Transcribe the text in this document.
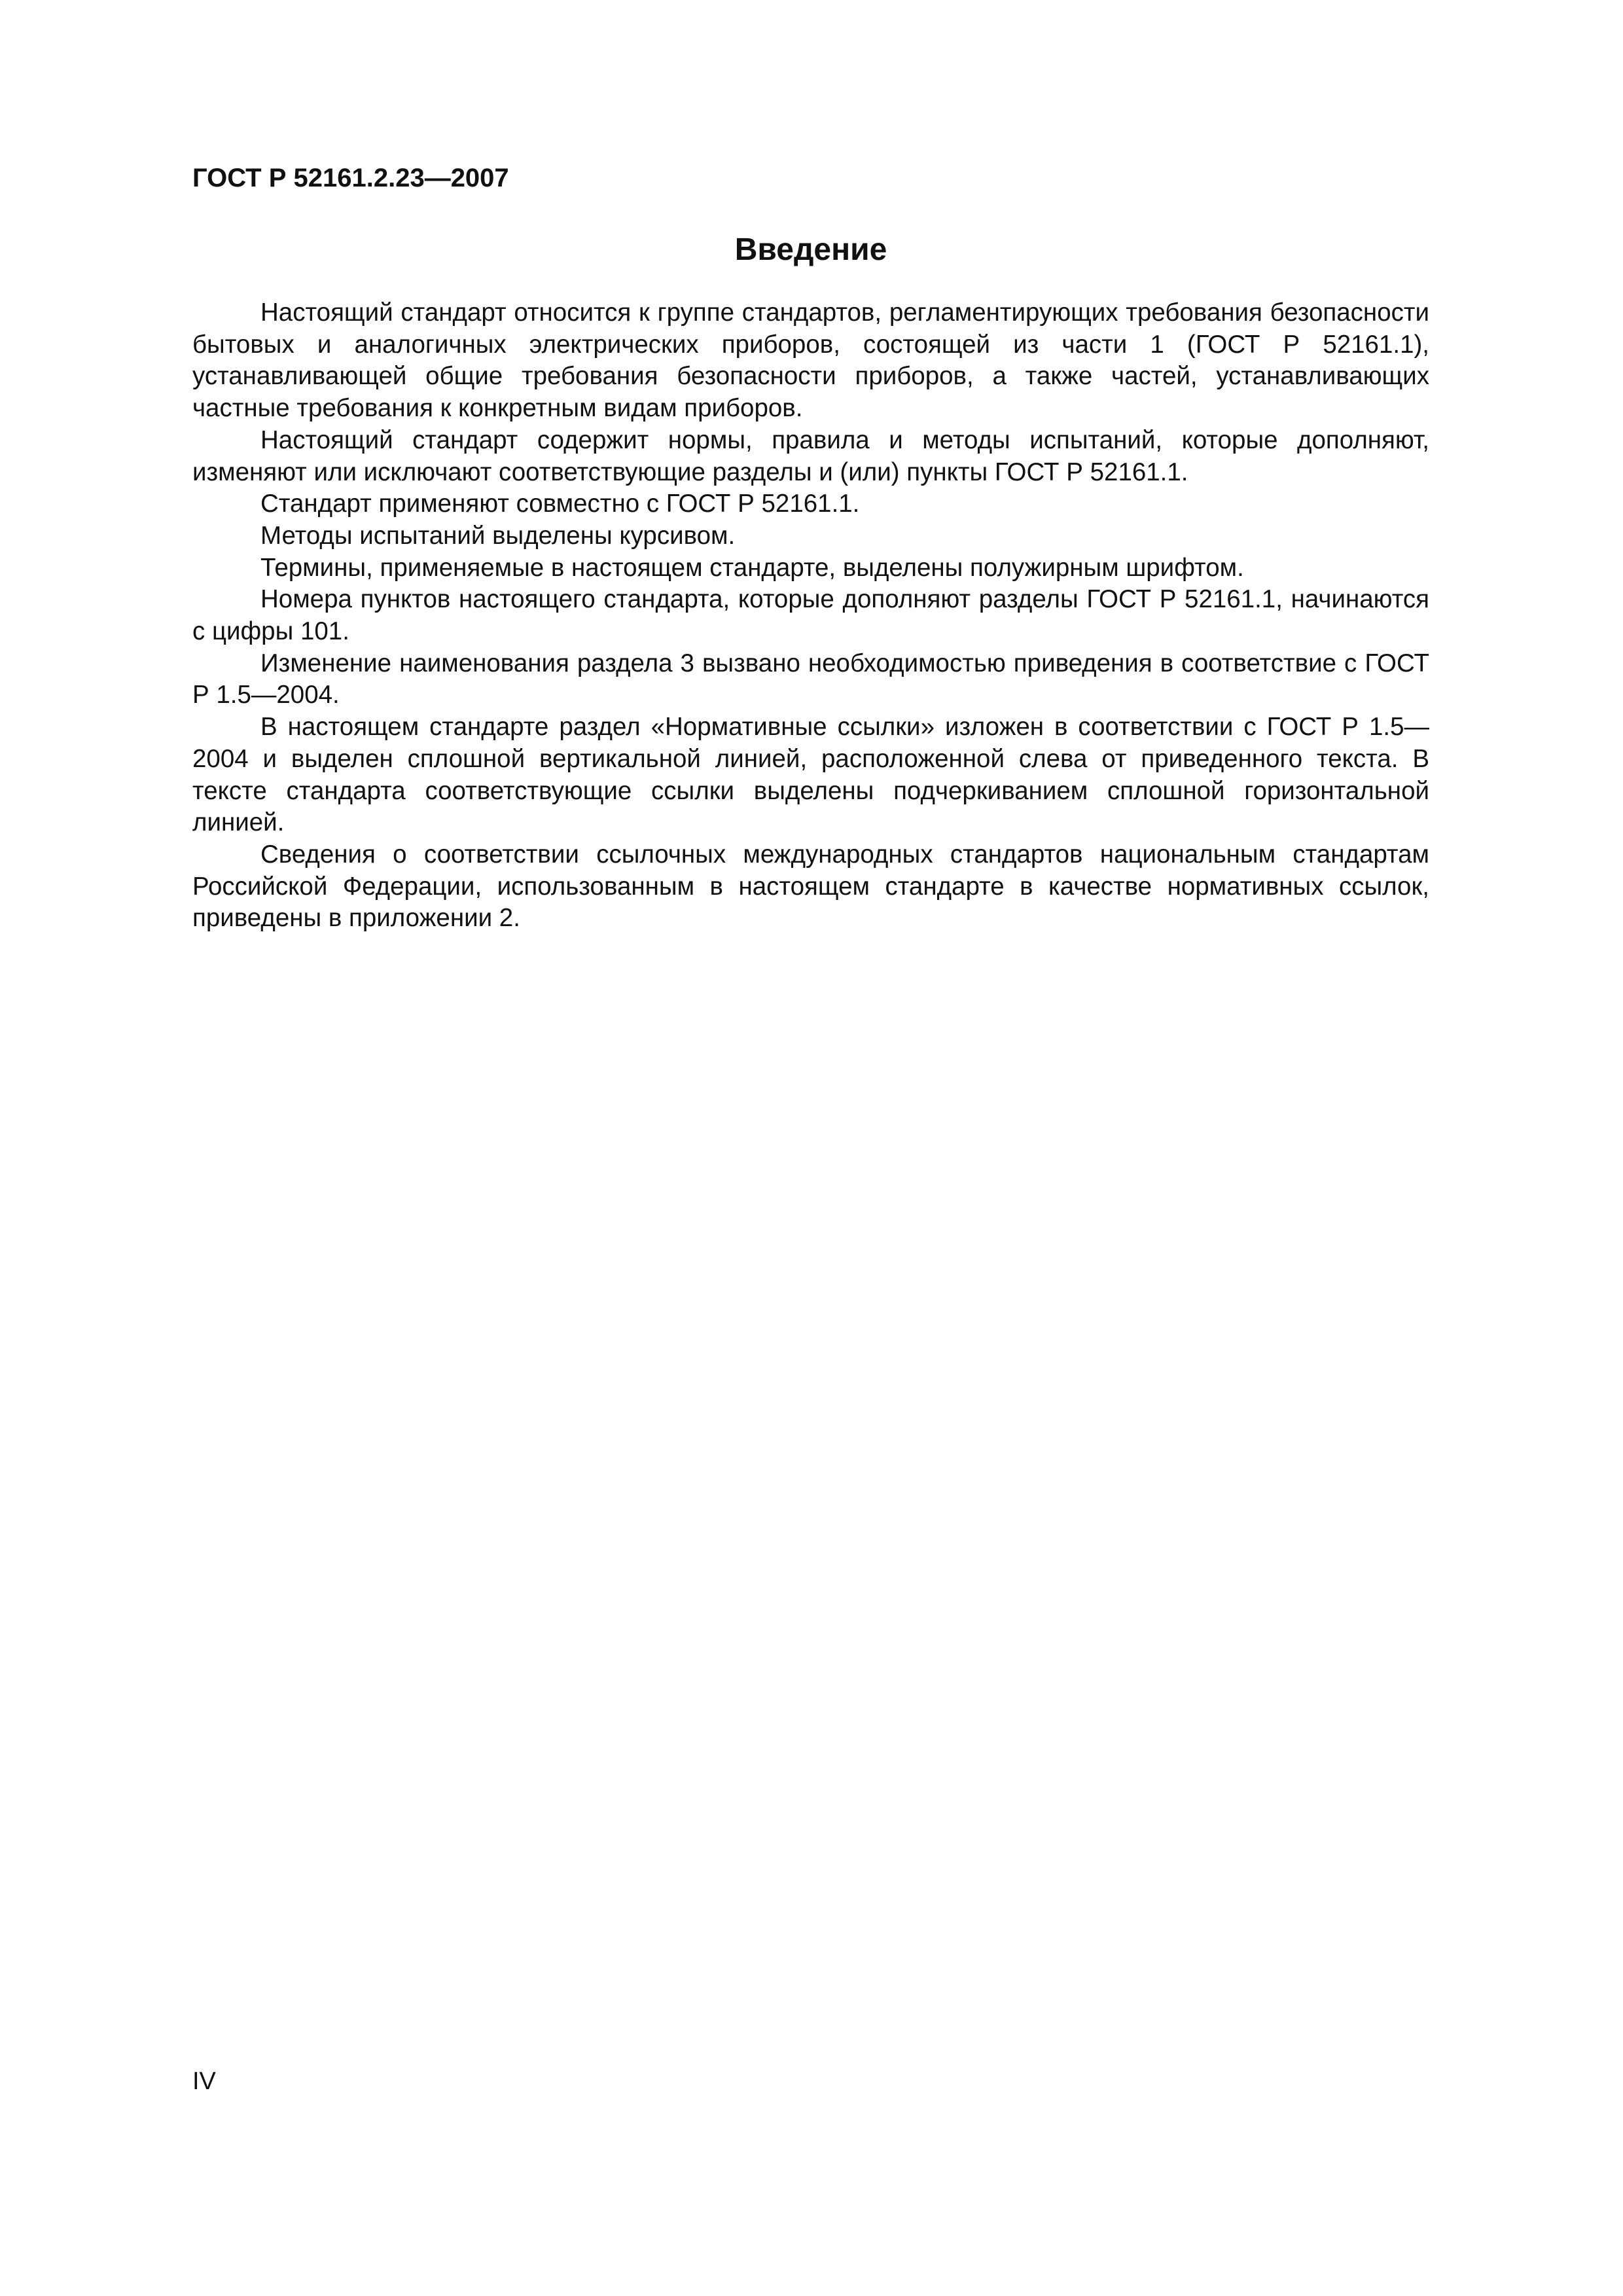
ГОСТ Р 52161.2.23—2007
Введение

Настоящий стандарт относится к группе стандартов, регламентирующих требования безопасности бытовых и аналогичных электрических приборов, состоящей из части 1 (ГОСТ Р 52161.1), устанавливающей общие требования безопасности приборов, а также частей, устанавливающих частные требования к конкретным видам приборов.

Настоящий стандарт содержит нормы, правила и методы испытаний, которые дополняют, изменяют или исключают соответствующие разделы и (или) пункты ГОСТ Р 52161.1.

Стандарт применяют совместно с ГОСТ Р 52161.1.

Методы испытаний выделены курсивом.

Термины, применяемые в настоящем стандарте, выделены полужирным шрифтом.

Номера пунктов настоящего стандарта, которые дополняют разделы ГОСТ Р 52161.1, начинаются с цифры 101.

Изменение наименования раздела 3 вызвано необходимостью приведения в соответствие с ГОСТ Р 1.5—2004.

В настоящем стандарте раздел «Нормативные ссылки» изложен в соответствии с ГОСТ Р 1.5—2004 и выделен сплошной вертикальной линией, расположенной слева от приведенного текста. В тексте стандарта соответствующие ссылки выделены подчеркиванием сплошной горизонтальной линией.

Сведения о соответствии ссылочных международных стандартов национальным стандартам Российской Федерации, использованным в настоящем стандарте в качестве нормативных ссылок, приведены в приложении 2.

IV
